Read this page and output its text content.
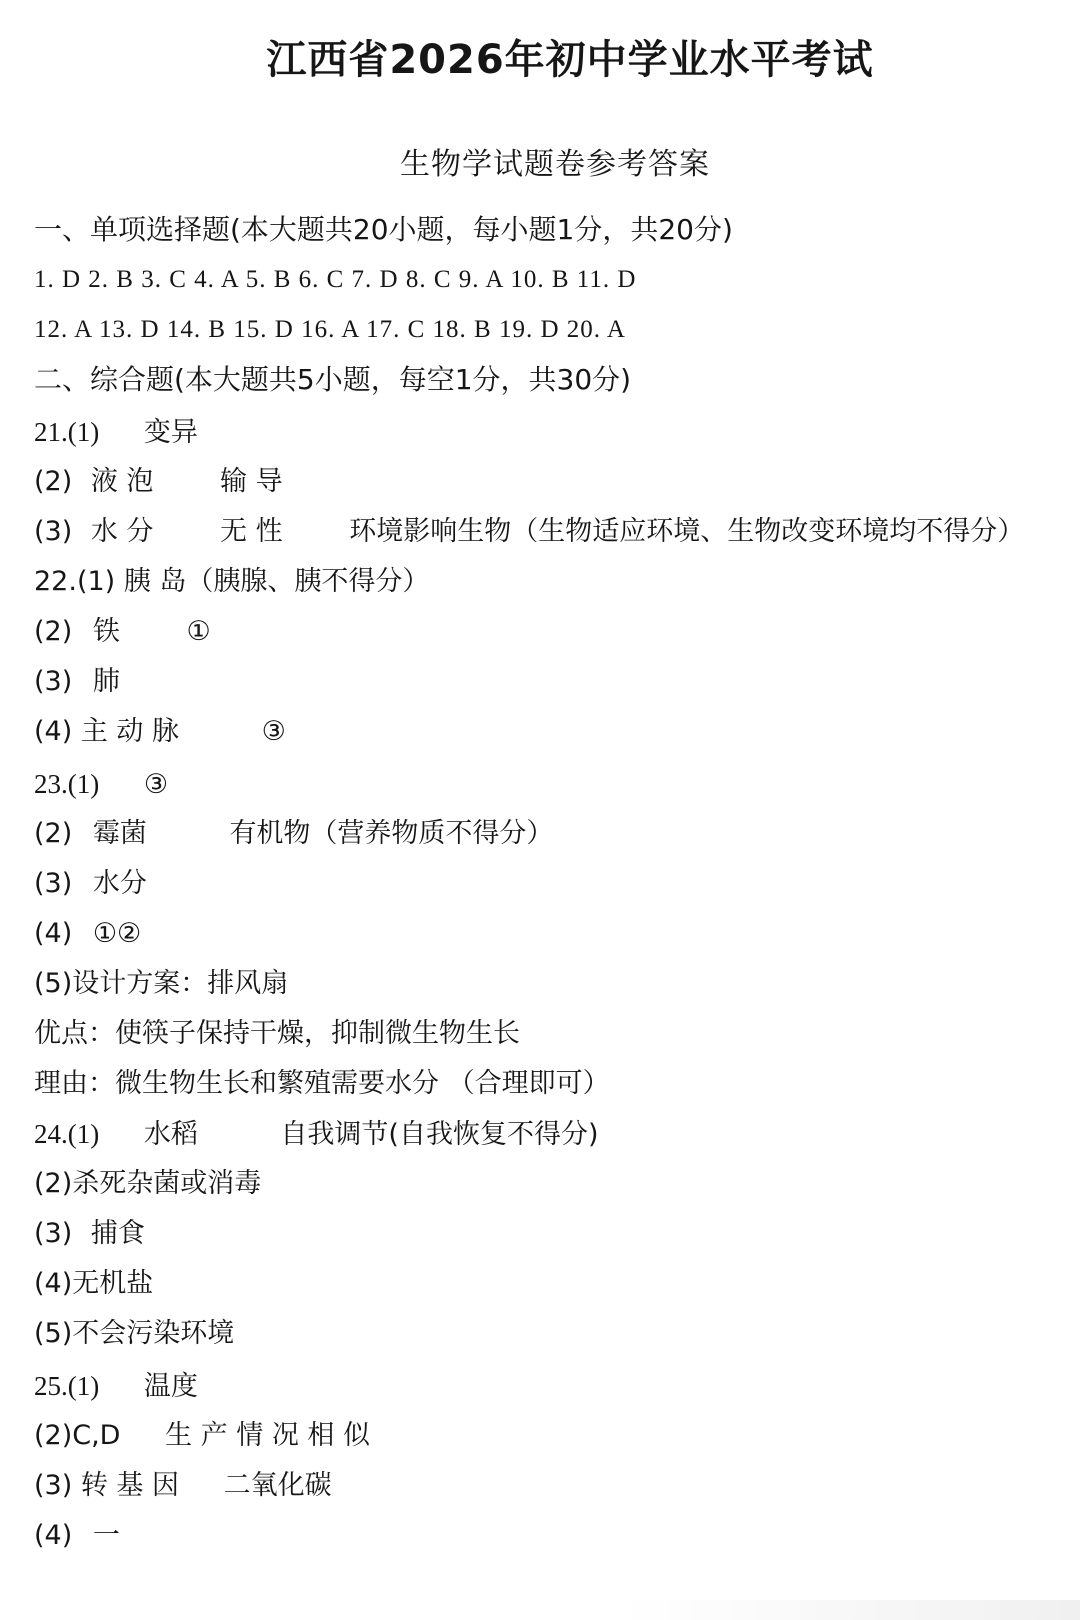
江西省2026年初中学业水平考试
生物学试题卷参考答案
一、单项选择题(本大题共20小题，每小题1分，共20分)
1. D 2. B 3. C 4. A 5. B 6. C 7. D 8. C 9. A 10. B 11. D
12. A 13. D 14. B 15. D 16. A 17. C 18. B 19. D 20. A
二、综合题(本大题共5小题，每空1分，共30分)
21.(1) 变异
(2) 液 泡 输 导
(3) 水 分 无 性 环境影响生物（生物适应环境、生物改变环境均不得分）
22.(1) 胰 岛（胰腺、胰不得分）
(2) 铁 ①
(3) 肺
(4) 主 动 脉	③
23.(1) ③
(2) 霉菌	有机物（营养物质不得分）
(3) 水分
(4) ①②
(5)设计方案：排风扇
优点：使筷子保持干燥，抑制微生物生长
理由：微生物生长和繁殖需要水分 （合理即可）
24.(1) 水稻	自我调节(自我恢复不得分)
(2)杀死杂菌或消毒
(3) 捕食
(4)无机盐
(5)不会污染环境
25.(1) 温度
(2)C,D 生 产 情 况 相 似
(3) 转 基 因 二氧化碳
(4) 一
